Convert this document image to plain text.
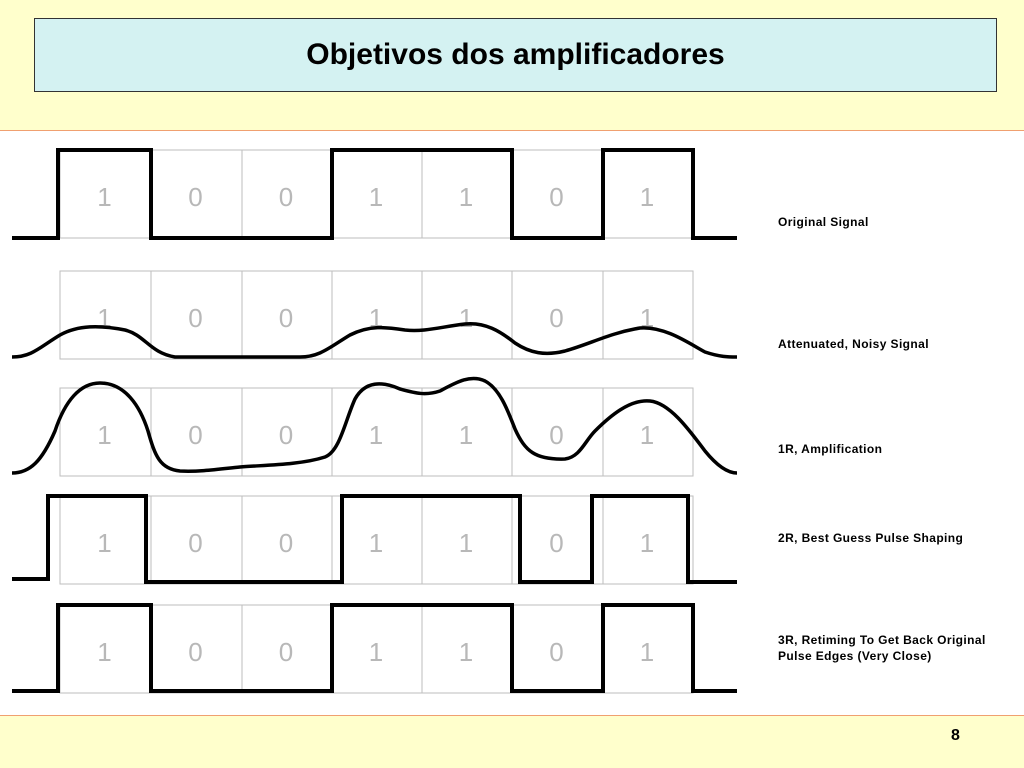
Objetivos dos amplificadores
1	0	0	1	1	0	1
1	0	0	1	1	0	1
1	0	0	1	1	0	1
1	0	0	1	1	0	1
1	0	0	1	1	0	1
Original Signal
Attenuated, Noisy Signal
1R, Amplification
2R, Best Guess Pulse Shaping
3R, Retiming To Get Back Original Pulse Edges (Very Close)
8
